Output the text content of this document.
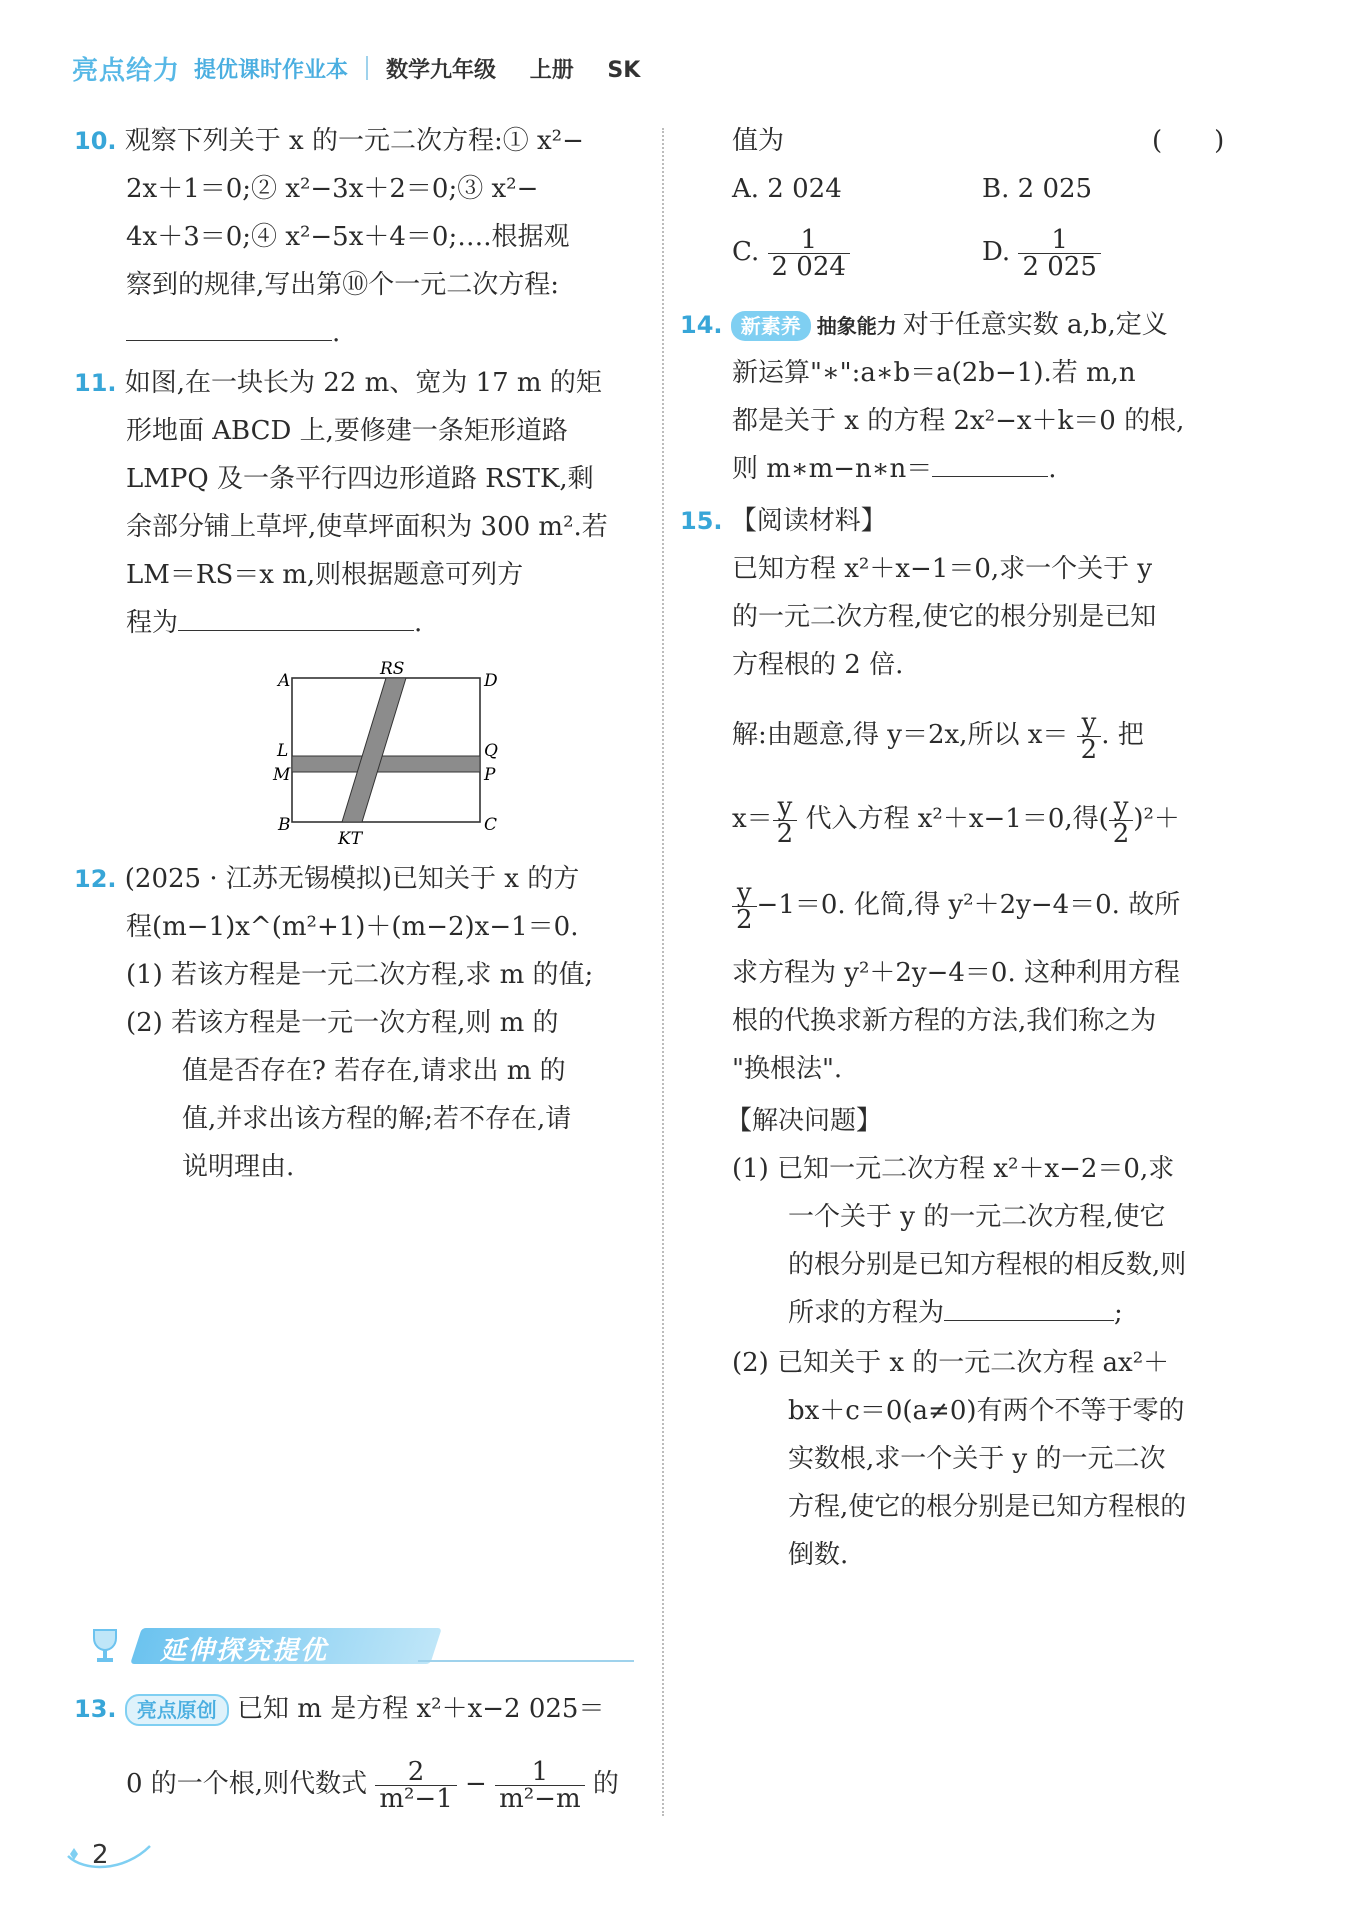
亮点给力 提优课时作业本 数学九年级 上册 SK
10. 观察下列关于 x 的一元二次方程:① x²−
2x＋1＝0;② x²−3x＋2＝0;③ x²−
4x＋3＝0;④ x²−5x＋4＝0;….根据观
察到的规律,写出第⑩个一元二次方程:
.
11. 如图,在一块长为 22 m、宽为 17 m 的矩
形地面 ABCD 上,要修建一条矩形道路
LMPQ 及一条平行四边形道路 RSTK,剩
余部分铺上草坪,使草坪面积为 300 m².若
LM＝RS＝x m,则根据题意可列方
程为	.
A
B	C
D
RS
KT
L
M	P
Q
12. (2025 · 江苏无锡模拟)已知关于 x 的方
程(m−1)x^(m²+1)＋(m−2)x−1＝0.
(1) 若该方程是一元二次方程,求 m 的值;
(2) 若该方程是一元一次方程,则 m 的
值是否存在? 若存在,请求出 m 的
值,并求出该方程的解;若不存在,请
说明理由.
延伸探究提优
13. 亮点原创 已知 m 是方程 x²＋x−2 025＝
0 的一个根,则代数式 $\frac{2}{\text{m²−1}} - \frac{1}{\text{m²−m}}$ 的
值为	(　　)
A. 2 024	B. 2 025
C. $\frac{1}{2 024}$	D. $\frac{1}{2 025}$
14. 新素养 抽象能力 对于任意实数 a,b,定义
新运算"∗":a∗b＝a(2b−1).若 m,n
都是关于 x 的方程 2x²−x＋k＝0 的根,
则 m∗m−n∗n＝	.
15. 【阅读材料】
已知方程 x²＋x−1＝0,求一个关于 y
的一元二次方程,使它的根分别是已知
方程根的 2 倍.
解:由题意,得 y＝2x,所以 $x= \frac{y}{2}$ . 把
$x= \frac{y}{2}$ 代入方程 x²＋x−1＝0,得( $\frac{y}{2} )^2+$
$\frac{y}{2} -1=0$. 化简,得 y²＋2y−4＝0. 故所
求方程为 y²＋2y−4＝0. 这种利用方程
根的代换求新方程的方法,我们称之为
"换根法".
【解决问题】
(1) 已知一元二次方程 x²＋x−2＝0,求
一个关于 y 的一元二次方程,使它
的根分别是已知方程根的相反数,则
所求的方程为	;
(2) 已知关于 x 的一元二次方程 ax²＋
bx＋c＝0(a≠0)有两个不等于零的
实数根,求一个关于 y 的一元二次
方程,使它的根分别是已知方程根的
倒数.
2
